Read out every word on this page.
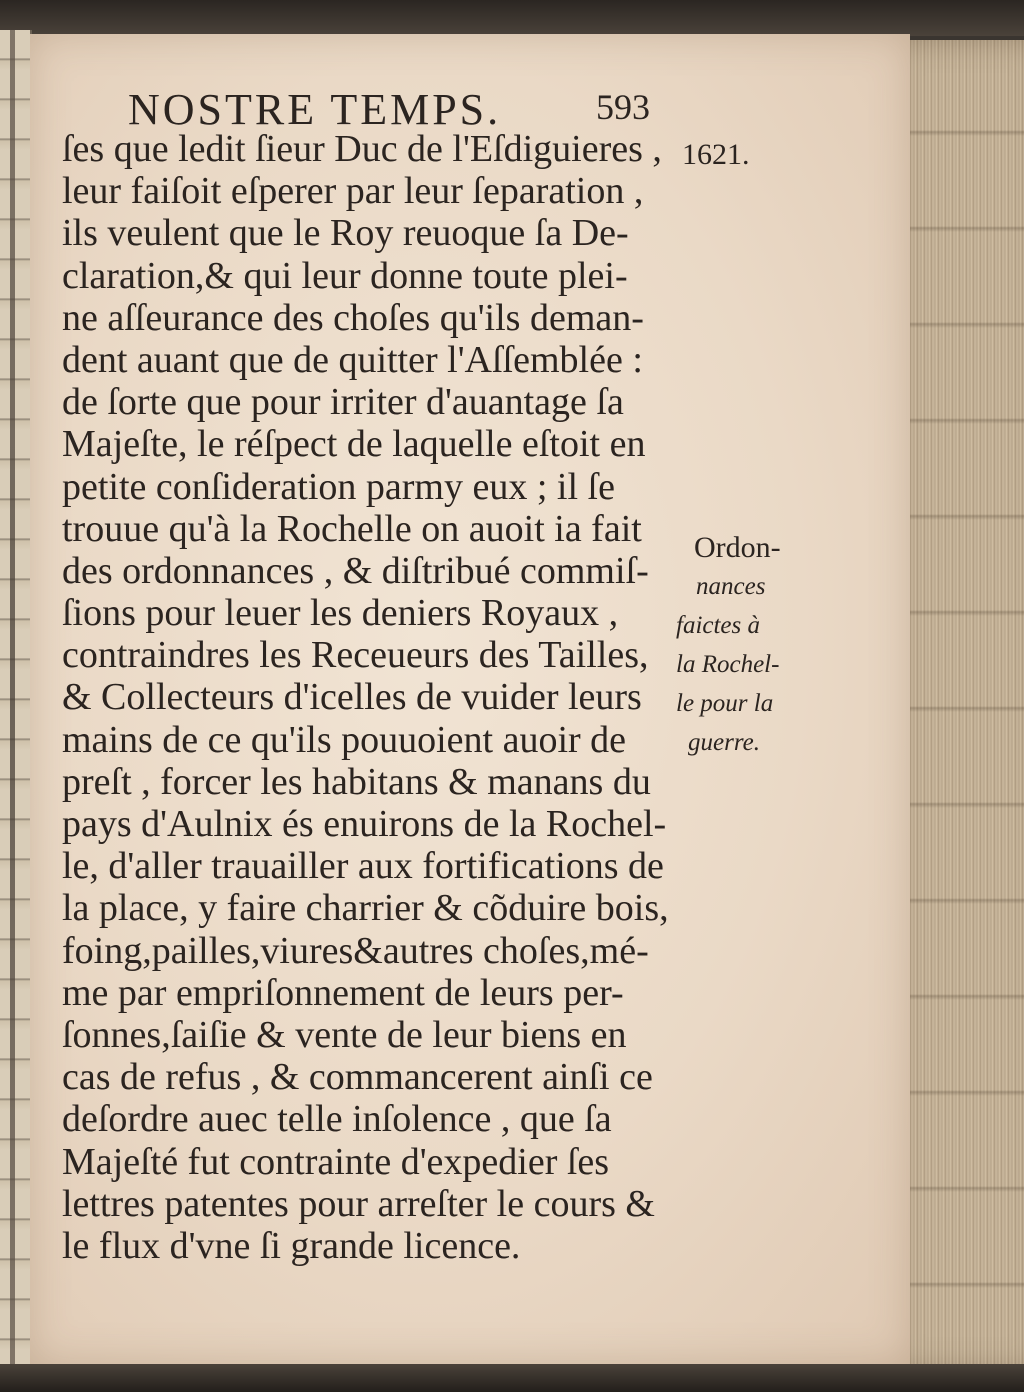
NOSTRE TEMPS.	593
1621.
ſes que ledit ſieur Duc de l'Eſdiguieres ,
leur faiſoit eſperer par leur ſeparation ,
ils veulent que le Roy reuoque ſa De-
claration,& qui leur donne toute plei-
ne aſſeurance des choſes qu'ils deman-
dent auant que de quitter l'Aſſemblée :
de ſorte que pour irriter d'auantage ſa
Majeſte, le réſpect de laquelle eſtoit en
petite conſideration parmy eux ; il ſe
trouue qu'à la Rochelle on auoit ia fait
des ordonnances , & diſtribué commiſ-
ſions pour leuer les deniers Royaux ,
contraindres les Receueurs des Tailles,
& Collecteurs d'icelles de vuider leurs
mains de ce qu'ils pouuoient auoir de
preſt , forcer les habitans & manans du
pays d'Aulnix és enuirons de la Rochel-
le, d'aller trauailler aux fortifications de
la place, y faire charrier & cõduire bois,
foing,pailles,viures&autres choſes,mé-
me par empriſonnement de leurs per-
ſonnes,ſaiſie & vente de leur biens en
cas de refus , & commancerent ainſi ce
deſordre auec telle inſolence , que ſa
Majeſté fut contrainte d'expedier ſes
lettres patentes pour arreſter le cours &
le flux d'vne ſi grande licence.
Ordon-
nances
faictes à
la Rochel-
le pour la
guerre.
